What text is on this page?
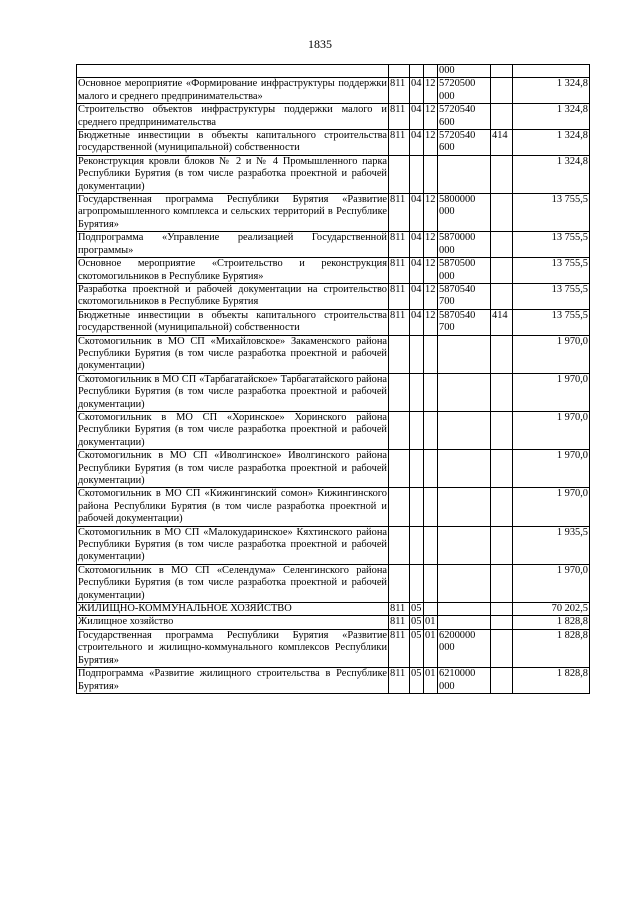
1835
				000		
Основное мероприятие «Формирование инфраструктуры поддержки малого и среднего предпринимательства»	811	04	12	5720500 000		1 324,8
Строительство объектов инфраструктуры поддержки малого и среднего предпринимательства	811	04	12	5720540 600		1 324,8
Бюджетные инвестиции в объекты капитального строительства государственной (муниципальной) собственности	811	04	12	5720540 600	414	1 324,8
Реконструкция кровли блоков № 2 и № 4 Промышленного парка Республики Бурятия (в том числе разработка проектной и рабочей документации)						1 324,8
Государственная программа Республики Бурятия «Развитие агропромышленного комплекса и сельских территорий в Республике Бурятия»	811	04	12	5800000 000		13 755,5
Подпрограмма «Управление реализацией Государственной программы»	811	04	12	5870000 000		13 755,5
Основное мероприятие «Строительство и реконструкция скотомогильников в Республике Бурятия»	811	04	12	5870500 000		13 755,5
Разработка проектной и рабочей документации на строительство скотомогильников в Республике Бурятия	811	04	12	5870540 700		13 755,5
Бюджетные инвестиции в объекты капитального строительства государственной (муниципальной) собственности	811	04	12	5870540 700	414	13 755,5
Скотомогильник в МО СП «Михайловское» Закаменского района Республики Бурятия (в том числе разработка проектной и рабочей документации)						1 970,0
Скотомогильник в МО СП «Тарбагатайское» Тарбагатайского района Республики Бурятия (в том числе разработка проектной и рабочей документации)						1 970,0
Скотомогильник в МО СП «Хоринское» Хоринского района Республики Бурятия (в том числе разработка проектной и рабочей документации)						1 970,0
Скотомогильник в МО СП «Иволгинское» Иволгинского района Республики Бурятия (в том числе разработка проектной и рабочей документации)						1 970,0
Скотомогильник в МО СП «Кижингинский сомон» Кижингинского района Республики Бурятия (в том числе разработка проектной и рабочей документации)						1 970,0
Скотомогильник в МО СП «Малокударинское» Кяхтинского района Республики Бурятия (в том числе разработка проектной и рабочей документации)						1 935,5
Скотомогильник в МО СП «Селендума» Селенгинского района Республики Бурятия (в том числе разработка проектной и рабочей документации)						1 970,0
ЖИЛИЩНО-КОММУНАЛЬНОЕ ХОЗЯЙСТВО	811	05				70 202,5
Жилищное хозяйство	811	05	01			1 828,8
Государственная программа Республики Бурятия «Развитие строительного и жилищно-коммунального комплексов Республики Бурятия»	811	05	01	6200000 000		1 828,8
Подпрограмма «Развитие жилищного строительства в Республике Бурятия»	811	05	01	6210000 000		1 828,8
